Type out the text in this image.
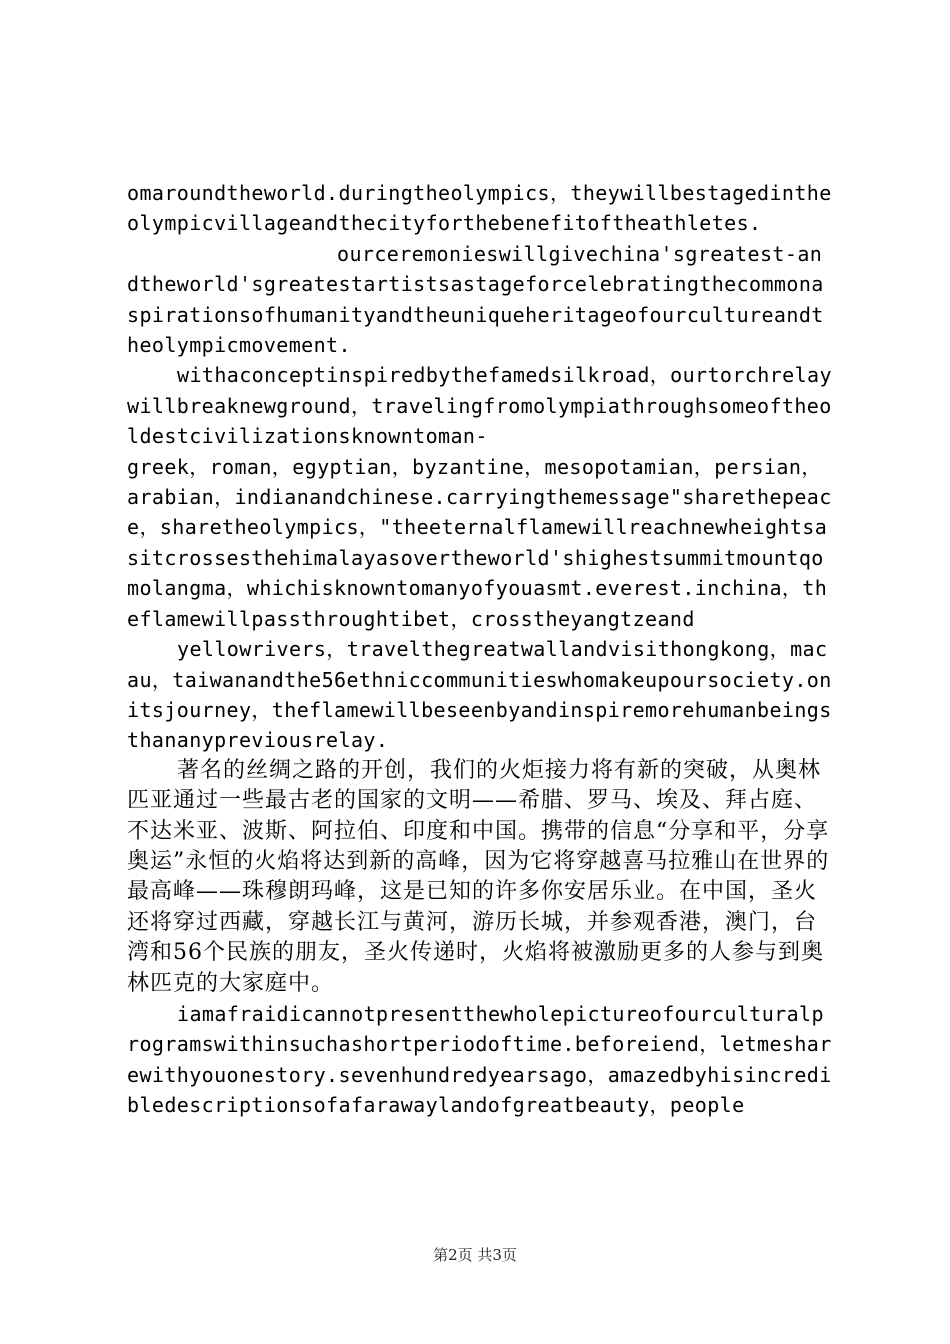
omaroundtheworld.duringtheolympics，theywillbestagedintheolympicvillageandthecityforthebenefitoftheathletes.

ourceremonieswillgivechina'sgreatest-andtheworld'sgreatestartistsastageforcelebratingthecommonaspirationsofhumanityandtheuniqueheritageofourcultureandtheolympicmovement.

withaconceptinspiredbythefamedsilkroad，ourtorchrelaywillbreaknewground，travelingfromolympiathroughsomeoftheoldestcivilizationsknowntoman-

greek，roman，egyptian，byzantine，mesopotamian，persian，arabian，indianandchinese.carryingthemessage"sharethepeace，sharetheolympics，"theeternalflamewillreachnewheightsasitcrossesthehimalayasovertheworld'shighestsummitmountqomolangma，whichisknowntomanyofyouasmt.everest.inchina，theflamewillpassthroughtibet，crosstheyangtzeand

yellowrivers，travelthegreatwallandvisithongkong，macau，taiwanandthe56ethniccommunitieswhomakeupoursociety.onitsjourney，theflamewillbeseenbyandinspiremorehumanbeingsthananypreviousrelay.

著名的丝绸之路的开创，我们的火炬接力将有新的突破，从奥林匹亚通过一些最古老的国家的文明——希腊、罗马、埃及、拜占庭、不达米亚、波斯、阿拉伯、印度和中国。携带的信息“分享和平，分享奥运”永恒的火焰将达到新的高峰，因为它将穿越喜马拉雅山在世界的最高峰——珠穆朗玛峰，这是已知的许多你安居乐业。在中国，圣火还将穿过西藏，穿越长江与黄河，游历长城，并参观香港，澳门，台湾和56个民族的朋友，圣火传递时，火焰将被激励更多的人参与到奥林匹克的大家庭中。

iamafraidicannotpresentthewholepictureofourculturalprogramswithinsuchashortperiodoftime.beforeiend，letmesharewithyouonestory.sevenhundredyearsago，amazedbyhisincredibledescriptionsofafarawaylandofgreatbeauty，people

第2页 共3页
